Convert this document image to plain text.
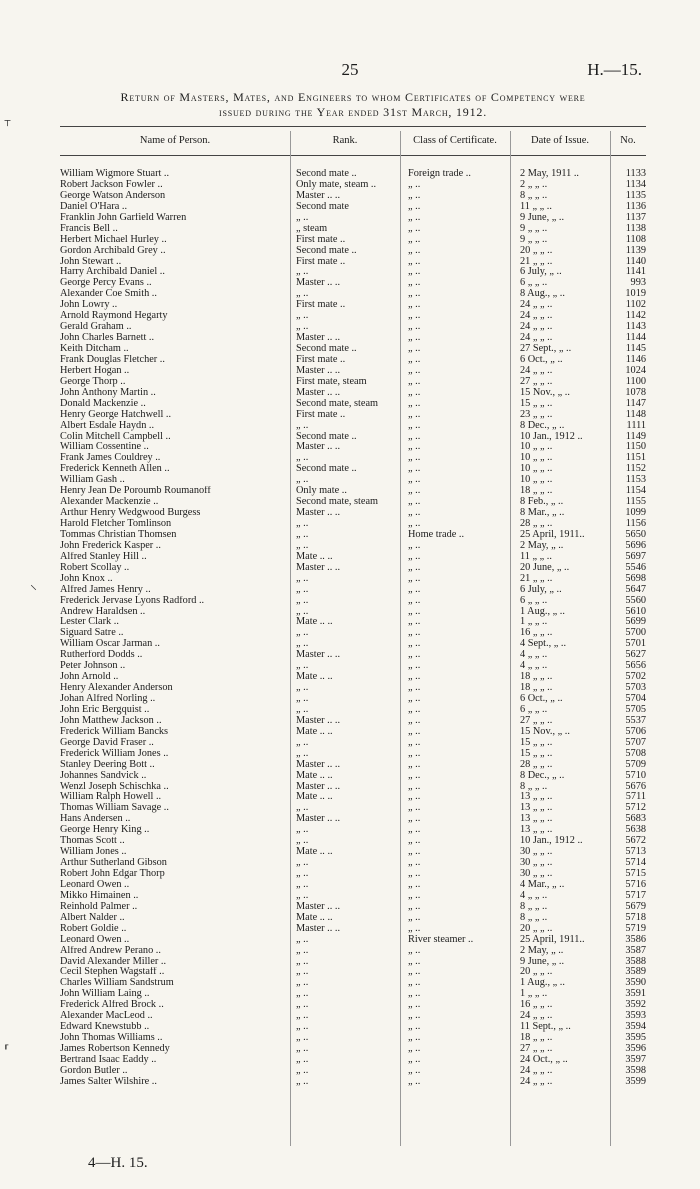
25	H.—15.
Return of Masters, Mates, and Engineers to whom Certificates of Competency were
issued during the Year ended 31st March, 1912.
Name of Person.	Rank.	Class of Certificate.	Date of Issue.	No.
William Wigmore Stuart ..	Second mate ..	Foreign trade ..	2 May, 1911 ..	1133
Robert Jackson Fowler ..	Only mate, steam ..	„ ..	2 „ „ ..	1134
George Watson Anderson	Master .. ..	„ ..	8 „ „ ..	1135
Daniel O'Hara ..	Second mate	„ ..	11 „ „ ..	1136
Franklin John Garfield Warren	„ ..	„ ..	9 June, „ ..	1137
Francis Bell ..	„ steam	„ ..	9 „ „ ..	1138
Herbert Michael Hurley ..	First mate ..	„ ..	9 „ „ ..	1108
Gordon Archibald Grey ..	Second mate ..	„ ..	20 „ „ ..	1139
John Stewart ..	First mate ..	„ ..	21 „ „ ..	1140
Harry Archibald Daniel ..	„ ..	„ ..	6 July, „ ..	1141
George Percy Evans ..	Master .. ..	„ ..	6 „ „ ..	993
Alexander Coe Smith ..	„ ..	„ ..	8 Aug., „ ..	1019
John Lowry ..	First mate ..	„ ..	24 „ „ ..	1102
Arnold Raymond Hegarty	„ ..	„ ..	24 „ „ ..	1142
Gerald Graham ..	„ ..	„ ..	24 „ „ ..	1143
John Charles Barnett ..	Master .. ..	„ ..	24 „ „ ..	1144
Keith Ditcham ..	Second mate ..	„ ..	27 Sept., „ ..	1145
Frank Douglas Fletcher ..	First mate ..	„ ..	6 Oct., „ ..	1146
Herbert Hogan ..	Master .. ..	„ ..	24 „ „ ..	1024
George Thorp ..	First mate, steam	„ ..	27 „ „ ..	1100
John Anthony Martin ..	Master .. ..	„ ..	15 Nov., „ ..	1078
Donald Mackenzie ..	Second mate, steam	„ ..	15 „ „ ..	1147
Henry George Hatchwell ..	First mate ..	„ ..	23 „ „ ..	1148
Albert Esdale Haydn ..	„ ..	„ ..	8 Dec., „ ..	1111
Colin Mitchell Campbell ..	Second mate ..	„ ..	10 Jan., 1912 ..	1149
William Cossentine ..	Master .. ..	„ ..	10 „ „ ..	1150
Frank James Couldrey ..	„ ..	„ ..	10 „ „ ..	1151
Frederick Kenneth Allen ..	Second mate ..	„ ..	10 „ „ ..	1152
William Gash ..	„ ..	„ ..	10 „ „ ..	1153
Henry Jean De Poroumb Roumanoff	Only mate ..	„ ..	18 „ „ ..	1154
Alexander Mackenzie ..	Second mate, steam	„ ..	8 Feb., „ ..	1155
Arthur Henry Wedgwood Burgess	Master .. ..	„ ..	8 Mar., „ ..	1099
Harold Fletcher Tomlinson	„ ..	„ ..	28 „ „ ..	1156
Tommas Christian Thomsen	„ ..	Home trade ..	25 April, 1911..	5650
John Frederick Kasper ..	„ ..	„ ..	2 May, „ ..	5696
Alfred Stanley Hill ..	Mate .. ..	„ ..	11 „ „ ..	5697
Robert Scollay ..	Master .. ..	„ ..	20 June, „ ..	5546
John Knox ..	„ ..	„ ..	21 „ „ ..	5698
Alfred James Henry ..	„ ..	„ ..	6 July, „ ..	5647
Frederick Jervase Lyons Radford ..	„ ..	„ ..	6 „ „ ..	5560
Andrew Haraldsen ..	„ ..	„ ..	1 Aug., „ ..	5610
Lester Clark ..	Mate .. ..	„ ..	1 „ „ ..	5699
Siguard Satre ..	„ ..	„ ..	16 „ „ ..	5700
William Oscar Jarman ..	„ ..	„ ..	4 Sept., „ ..	5701
Rutherford Dodds ..	Master .. ..	„ ..	4 „ „ ..	5627
Peter Johnson ..	„ ..	„ ..	4 „ „ ..	5656
John Arnold ..	Mate .. ..	„ ..	18 „ „ ..	5702
Henry Alexander Anderson	„ ..	„ ..	18 „ „ ..	5703
Johan Alfred Norling ..	„ ..	„ ..	6 Oct., „ ..	5704
John Eric Bergquist ..	„ ..	„ ..	6 „ „ ..	5705
John Matthew Jackson ..	Master .. ..	„ ..	27 „ „ ..	5537
Frederick William Bancks	Mate .. ..	„ ..	15 Nov., „ ..	5706
George David Fraser ..	„ ..	„ ..	15 „ „ ..	5707
Frederick William Jones ..	„ ..	„ ..	15 „ „ ..	5708
Stanley Deering Bott ..	Master .. ..	„ ..	28 „ „ ..	5709
Johannes Sandvick ..	Mate .. ..	„ ..	8 Dec., „ ..	5710
Wenzl Joseph Schischka ..	Master .. ..	„ ..	8 „ „ ..	5676
William Ralph Howell ..	Mate .. ..	„ ..	13 „ „ ..	5711
Thomas William Savage ..	„ ..	„ ..	13 „ „ ..	5712
Hans Andersen ..	Master .. ..	„ ..	13 „ „ ..	5683
George Henry King ..	„ ..	„ ..	13 „ „ ..	5638
Thomas Scott ..	„ ..	„ ..	10 Jan., 1912 ..	5672
William Jones ..	Mate .. ..	„ ..	30 „ „ ..	5713
Arthur Sutherland Gibson	„ ..	„ ..	30 „ „ ..	5714
Robert John Edgar Thorp	„ ..	„ ..	30 „ „ ..	5715
Leonard Owen ..	„ ..	„ ..	4 Mar., „ ..	5716
Mikko Himainen ..	„ ..	„ ..	4 „ „ ..	5717
Reinhold Palmer ..	Master .. ..	„ ..	8 „ „ ..	5679
Albert Nalder ..	Mate .. ..	„ ..	8 „ „ ..	5718
Robert Goldie ..	Master .. ..	„ ..	20 „ „ ..	5719
Leonard Owen ..	„ ..	River steamer ..	25 April, 1911..	3586
Alfred Andrew Perano ..	„ ..	„ ..	2 May, „ ..	3587
David Alexander Miller ..	„ ..	„ ..	9 June, „ ..	3588
Cecil Stephen Wagstaff ..	„ ..	„ ..	20 „ „ ..	3589
Charles William Sandstrum	„ ..	„ ..	1 Aug., „ ..	3590
John William Laing ..	„ ..	„ ..	1 „ „ ..	3591
Frederick Alfred Brock ..	„ ..	„ ..	16 „ „ ..	3592
Alexander MacLeod ..	„ ..	„ ..	24 „ „ ..	3593
Edward Knewstubb ..	„ ..	„ ..	11 Sept., „ ..	3594
John Thomas Williams ..	„ ..	„ ..	18 „ „ ..	3595
James Robertson Kennedy	„ ..	„ ..	27 „ „ ..	3596
Bertrand Isaac Eaddy ..	„ ..	„ ..	24 Oct., „ ..	3597
Gordon Butler ..	„ ..	„ ..	24 „ „ ..	3598
James Salter Wilshire ..	„ ..	„ ..	24 „ „ ..	3599
4—H. 15.
⸆
⸜
⸢
